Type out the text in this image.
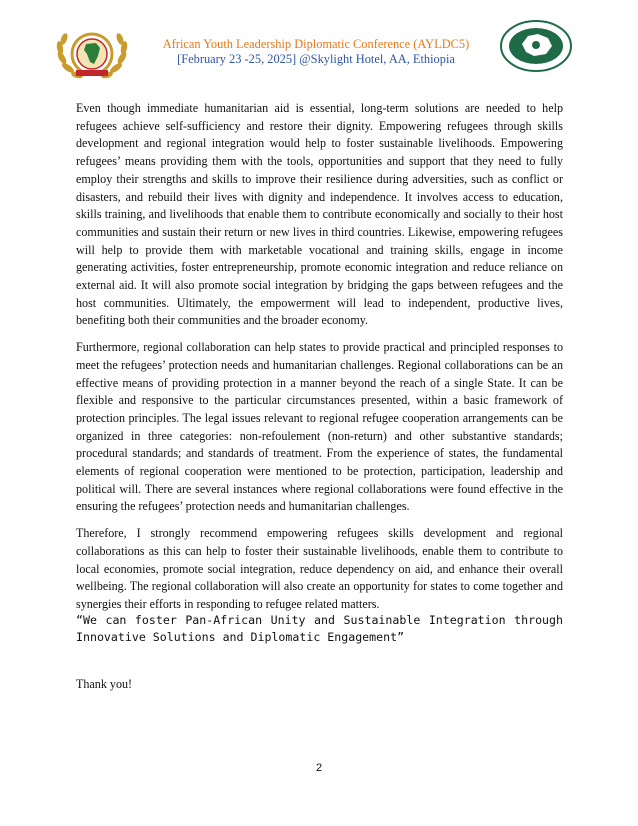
African Youth Leadership Diplomatic Conference (AYLDC5)
[February 23 -25, 2025] @Skylight Hotel, AA, Ethiopia

Even though immediate humanitarian aid is essential, long-term solutions are needed to help refugees achieve self-sufficiency and restore their dignity. Empowering refugees through skills development and regional integration would help to foster sustainable livelihoods. Empowering refugees’ means providing them with the tools, opportunities and support that they need to fully employ their strengths and skills to improve their resilience during adversities, such as conflict or disasters, and rebuild their lives with dignity and independence. It involves access to education, skills training, and livelihoods that enable them to contribute economically and socially to their host communities and sustain their return or new lives in third countries. Likewise, empowering refugees will help to provide them with marketable vocational and training skills, engage in income generating activities, foster entrepreneurship, promote economic integration and reduce reliance on external aid. It will also promote social integration by bridging the gaps between refugees and the host communities. Ultimately, the empowerment will lead to independent, productive lives, benefiting both their communities and the broader economy.

Furthermore, regional collaboration can help states to provide practical and principled responses to meet the refugees’ protection needs and humanitarian challenges. Regional collaborations can be an effective means of providing protection in a manner beyond the reach of a single State. It can be flexible and responsive to the particular circumstances presented, within a basic framework of protection principles. The legal issues relevant to regional refugee cooperation arrangements can be organized in three categories: non-refoulement (non-return) and other substantive standards; procedural standards; and standards of treatment. From the experience of states, the fundamental elements of regional cooperation were mentioned to be protection, participation, leadership and political will. There are several instances where regional collaborations were found effective in the ensuring the refugees’ protection needs and humanitarian challenges.

Therefore, I strongly recommend empowering refugees skills development and regional collaborations as this can help to foster their sustainable livelihoods, enable them to contribute to local economies, promote social integration, reduce dependency on aid, and enhance their overall wellbeing. The regional collaboration will also create an opportunity for states to come together and synergies their efforts in responding to refugee related matters.

“We can foster Pan-African Unity and Sustainable Integration through Innovative Solutions and Diplomatic Engagement”
Thank you!
2
